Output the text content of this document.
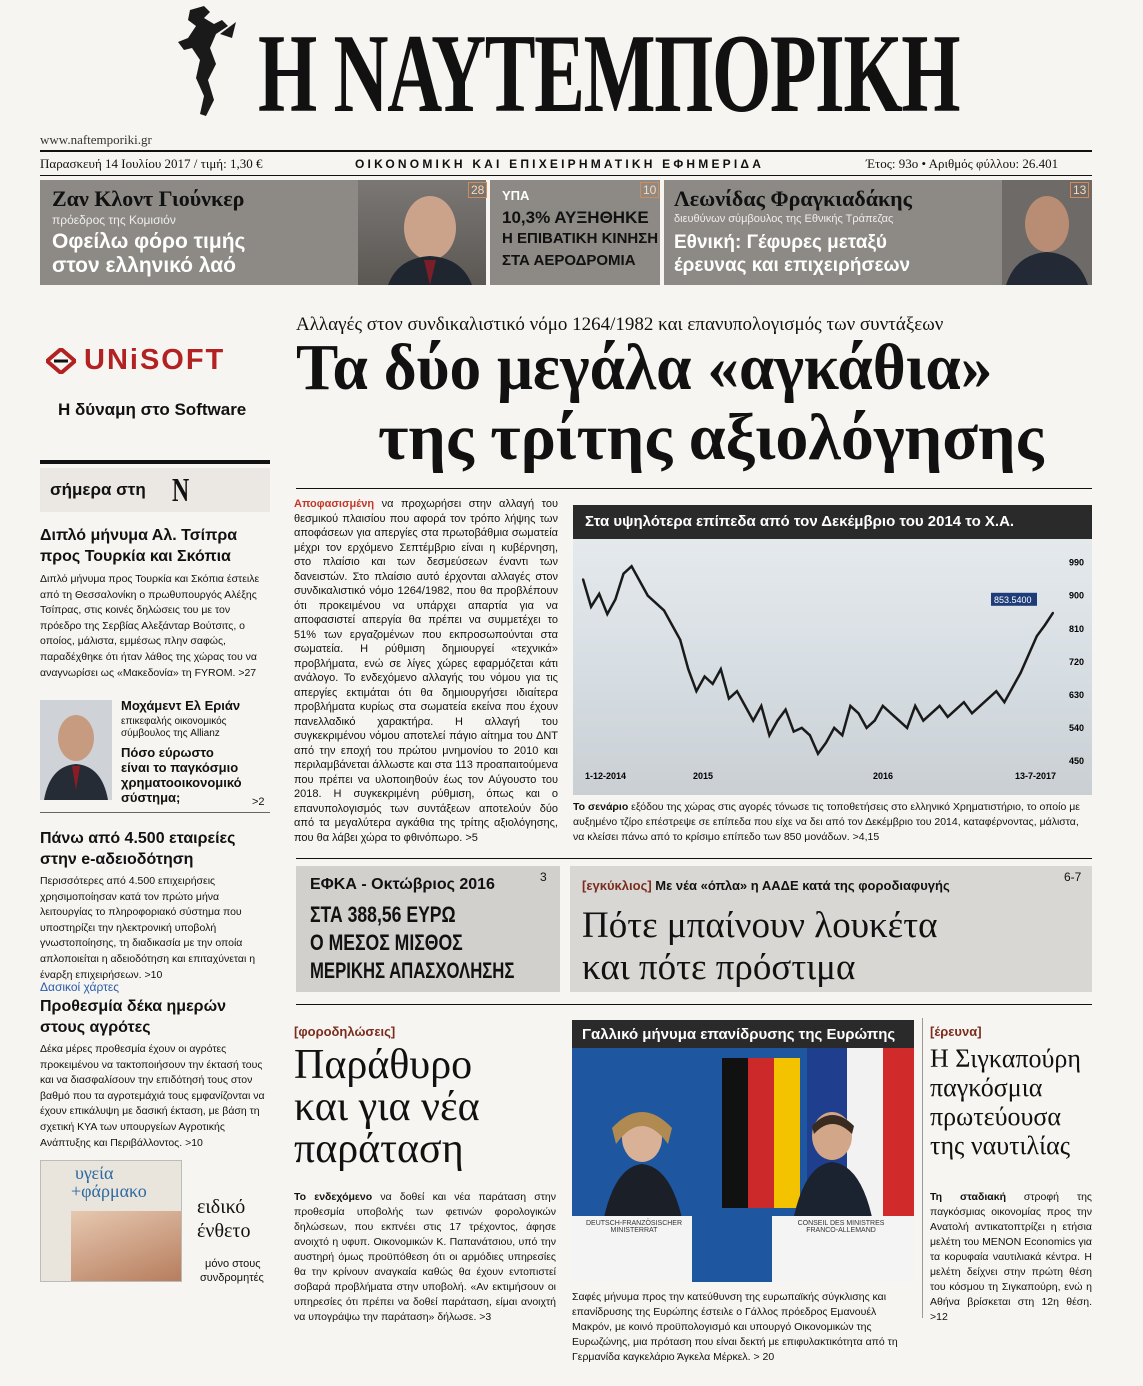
Η ΝΑΥΤΕΜΠΟΡΙΚΗ
www.naftemporiki.gr
Παρασκευή 14 Ιουλίου 2017 / τιμή: 1,30 €	ΟΙΚΟΝΟΜΙΚΗ ΚΑΙ ΕΠΙΧΕΙΡΗΜΑΤΙΚΗ ΕΦΗΜΕΡΙΔΑ	Έτος: 93ο • Αριθμός φύλλου: 26.401
Ζαν Κλοντ Γιούνκερ
πρόεδρος της Κομισιόν
Οφείλω φόρο τιμής
στον ελληνικό λαό
28 ΥΠΑ
10,3% ΑΥΞΗΘΗΚΕ
Η ΕΠΙΒΑΤΙΚΗ ΚΙΝΗΣΗ
ΣΤΑ ΑΕΡΟΔΡΟΜΙΑ
10 Λεωνίδας Φραγκιαδάκης
διευθύνων σύμβουλος της Εθνικής Τράπεζας
Εθνική: Γέφυρες μεταξύ
έρευνας και επιχειρήσεων
13
UNiSOFT
Η δύναμη στο Software
σήμερα στη N
Διπλό μήνυμα Αλ. Τσίπρα
προς Τουρκία και Σκόπια
Διπλό μήνυμα προς Τουρκία και Σκόπια έστειλε από τη Θεσσαλονίκη ο πρωθυπουργός Αλέξης Τσίπρας, στις κοινές δηλώσεις του με τον πρόεδρο της Σερβίας Αλεξάνταρ Βούτσιτς, ο οποίος, μάλιστα, εμμέσως πλην σαφώς, παραδέχθηκε ότι ήταν λάθος της χώρας του να αναγνωρίσει ως «Μακεδονία» τη FYROM. >27
Μοχάμεντ Ελ Εριάν
επικεφαλής οικονομικός σύμβουλος της Allianz
Πόσο εύρωστο είναι το παγκόσμιο χρηματοοικονομικό σύστημα;	>2
Πάνω από 4.500 εταιρείες
στην e-αδειοδότηση
Περισσότερες από 4.500 επιχειρήσεις χρησιμοποίησαν κατά τον πρώτο μήνα λειτουργίας το πληροφοριακό σύστημα που υποστηρίζει την ηλεκτρονική υποβολή γνωστοποίησης, τη διαδικασία με την οποία απλοποιείται η αδειοδότηση και επιταχύνεται η έναρξη επιχειρήσεων. >10
Δασικοί χάρτες
Προθεσμία δέκα ημερών
στους αγρότες
Δέκα μέρες προθεσμία έχουν οι αγρότες προκειμένου να τακτοποιήσουν την έκτασή τους και να διασφαλίσουν την επιδότησή τους στον βαθμό που τα αγροτεμάχιά τους εμφανίζονται να έχουν επικάλυψη με δασική έκταση, με βάση τη σχετική ΚΥΑ των υπουργείων Αγροτικής Ανάπτυξης και Περιβάλλοντος. >10
υγεία
+φάρμακο
ειδικό
ένθετο
μόνο στους
συνδρομητές
Αλλαγές στον συνδικαλιστικό νόμο 1264/1982 και επανυπολογισμός των συντάξεων
Τα δύο μεγάλα «αγκάθια»
της τρίτης αξιολόγησης
Αποφασισμένη να προχωρήσει στην αλλαγή του θεσμικού πλαισίου που αφορά τον τρόπο λήψης των αποφάσεων για απεργίες στα πρωτοβάθμια σωματεία μέχρι τον ερχόμενο Σεπτέμβριο είναι η κυβέρνηση, στο πλαίσιο και των δεσμεύσεων έναντι των δανειστών. Στο πλαίσιο αυτό έρχονται αλλαγές στον συνδικαλιστικό νόμο 1264/1982, που θα προβλέπουν ότι προκειμένου να υπάρχει απαρτία για να αποφασιστεί απεργία θα πρέπει να συμμετέχει το 51% των εργαζομένων που εκπροσωπούνται στα σωματεία. Η ρύθμιση δημιουργεί «τεχνικά» προβλήματα, ενώ σε λίγες χώρες εφαρμόζεται κάτι ανάλογο. Το ενδεχόμενο αλλαγής του νόμου για τις απεργίες εκτιμάται ότι θα δημιουργήσει ιδιαίτερα προβλήματα κυρίως στα σωματεία εκείνα που έχουν πανελλαδικό χαρακτήρα. Η αλλαγή του συγκεκριμένου νόμου αποτελεί πάγιο αίτημα του ΔΝΤ από την εποχή του πρώτου μνημονίου το 2010 και περιλαμβάνεται άλλωστε και στα 113 προαπαιτούμενα που πρέπει να υλοποιηθούν έως τον Αύγουστο του 2018. Η συγκεκριμένη ρύθμιση, όπως και ο επανυπολογισμός των συντάξεων αποτελούν δύο από τα μεγαλύτερα αγκάθια της τρίτης αξιολόγησης, που θα λάβει χώρα το φθινόπωρο. >5
Στα υψηλότερα επίπεδα από τον Δεκέμβριο του 2014 το Χ.Α.
450
540
630
720
810
900
990
853.5400
1-12-2014	2015	2016	13-7-2017
Το σενάριο εξόδου της χώρας στις αγορές τόνωσε τις τοποθετήσεις στο ελληνικό Χρηματιστήριο, το οποίο με αυξημένο τζίρο επέστρεψε σε επίπεδα που είχε να δει από τον Δεκέμβριο του 2014, καταφέρνοντας, μάλιστα, να κλείσει πάνω από το κρίσιμο επίπεδο των 850 μονάδων. >4,15
ΕΦΚΑ - Οκτώβριος 2016
ΣΤΑ 388,56 ΕΥΡΩ
Ο ΜΕΣΟΣ ΜΙΣΘΟΣ
ΜΕΡΙΚΗΣ ΑΠΑΣΧΟΛΗΣΗΣ
3
[εγκύκλιος] Με νέα «όπλα» η ΑΑΔΕ κατά της φοροδιαφυγής
Πότε μπαίνουν λουκέτα
και πότε πρόστιμα
6-7
[φοροδηλώσεις]
Παράθυρο
και για νέα
παράταση
Το ενδεχόμενο να δοθεί και νέα παράταση στην προθεσμία υποβολής των φετινών φορολογικών δηλώσεων, που εκπνέει στις 17 τρέχοντος, άφησε ανοιχτό η υφυπ. Οικονομικών Κ. Παπανάτσιου, υπό την αυστηρή όμως προϋπόθεση ότι οι αρμόδιες υπηρεσίες θα την κρίνουν αναγκαία καθώς θα έχουν εντοπιστεί σοβαρά προβλήματα στην υποβολή. «Αν εκτιμήσουν οι υπηρεσίες ότι πρέπει να δοθεί παράταση, είμαι ανοιχτή να υπογράψω την παράταση» δήλωσε. >3
Γαλλικό μήνυμα επανίδρυσης της Ευρώπης
DEUTSCH-FRANZÖSISCHER MINISTERRAT
CONSEIL DES MINISTRES FRANCO-ALLEMAND
Σαφές μήνυμα προς την κατεύθυνση της ευρωπαϊκής σύγκλισης και επανίδρυσης της Ευρώπης έστειλε ο Γάλλος πρόεδρος Εμανουέλ Μακρόν, με κοινό προϋπολογισμό και υπουργό Οικονομικών της Ευρωζώνης, μια πρόταση που είναι δεκτή με επιφυλακτικότητα από τη Γερμανίδα καγκελάριο Άγκελα Μέρκελ. > 20
[έρευνα]
Η Σιγκαπούρη
παγκόσμια
πρωτεύουσα
της ναυτιλίας
Τη σταδιακή στροφή της παγκόσμιας οικονομίας προς την Ανατολή αντικατοπτρίζει η ετήσια μελέτη του MENON Economics για τα κορυφαία ναυτιλιακά κέντρα. Η μελέτη δείχνει στην πρώτη θέση του κόσμου τη Σιγκαπούρη, ενώ η Αθήνα βρίσκεται στη 12η θέση. >12
